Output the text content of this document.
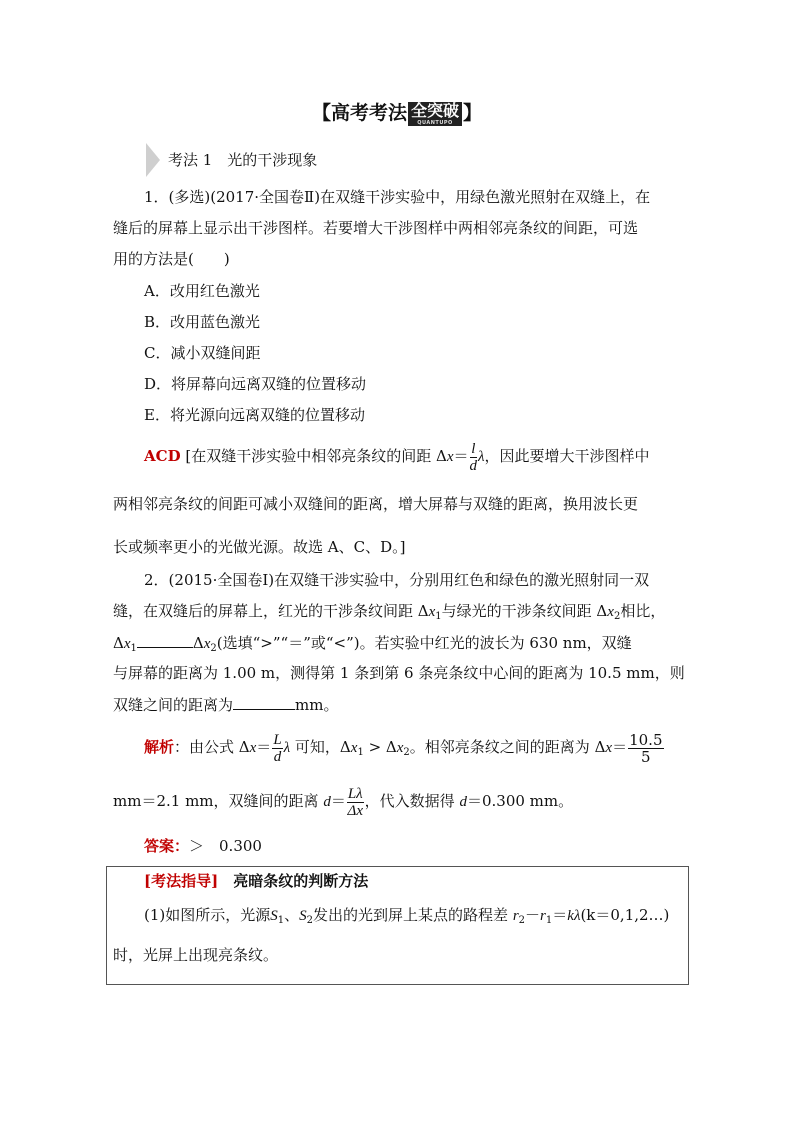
【高考考法 全突破
QUANTUPO 】
考法 1　光的干涉现象
1．(多选)(2017·全国卷Ⅱ)在双缝干涉实验中，用绿色激光照射在双缝上，在
缝后的屏幕上显示出干涉图样。若要增大干涉图样中两相邻亮条纹的间距，可选
用的方法是(　　)
A．改用红色激光
B．改用蓝色激光
C．减小双缝间距
D．将屏幕向远离双缝的位置移动
E．将光源向远离双缝的位置移动
ACD [在双缝干涉实验中相邻亮条纹的间距 $\Delta x= \frac{l}{d}$ λ，因此要增大干涉图样中
两相邻亮条纹的间距可减小双缝间的距离，增大屏幕与双缝的距离，换用波长更
长或频率更小的光做光源。故选 A、C、D。]
2．(2015·全国卷Ⅰ)在双缝干涉实验中，分别用红色和绿色的激光照射同一双
缝，在双缝后的屏幕上，红光的干涉条纹间距 $\Delta x_1$与绿光的干涉条纹间距 $\Delta x_2$相比，
$\Delta x_1$	$\Delta x_2$(选填“>”“＝”或“<”)。若实验中红光的波长为 630 nm，双缝
与屏幕的距离为 1.00 m，测得第 1 条到第 6 条亮条纹中心间的距离为 10.5 mm，则
双缝之间的距离为	mm。
解析：由公式 $\Delta x= \frac{L}{d}$ λ 可知，$\Delta x_1 > \Delta x_2$。相邻亮条纹之间的距离为 $\Delta x= \frac{10.5}{5}$
mm＝2.1 mm，双缝间的距离 $d= \frac{L\lambda}{\Delta x}$ ，代入数据得 d＝0.300 mm。
答案：＞　0.300
[考法指导]　 亮暗条纹的判断方法
(1)如图所示，光源$S_1$、$S_2$发出的光到屏上某点的路程差 $r_2-r_1=k\lambda(k=0,1,2\dots)$
时，光屏上出现亮条纹。
